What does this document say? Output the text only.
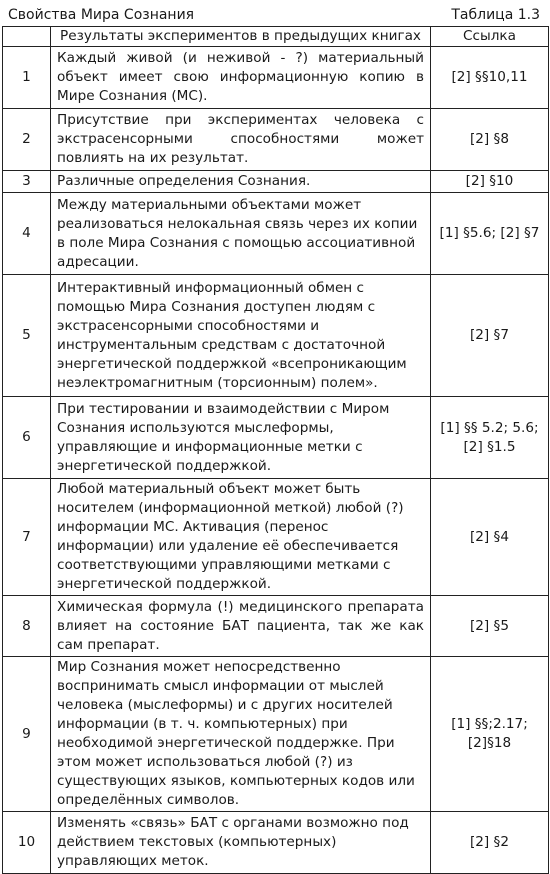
Свойства Мира Сознания	Таблица 1.3
	Результаты экспериментов в предыдущих книгах	Ссылка
1	Каждый живой (и неживой - ?) материальный объект имеет свою информационную копию в Мире Сознания (МС).	[2] §§10,11
2	Присутствие при экспериментах человека с экстрасенсорными способностями может повлиять на их результат.	[2] §8
3	Различные определения Сознания.	[2] §10
4	Между материальными объектами может реализоваться нелокальная связь через их копии в поле Мира Сознания с помощью ассоциативной адресации.	[1] §5.6; [2] §7
5	Интерактивный информационный обмен с помощью Мира Сознания доступен людям с экстрасенсорными способностями и инструментальным средствам с достаточной энергетической поддержкой «всепроникающим неэлектромагнитным (торсионным) полем».	[2] §7
6	При тестировании и взаимодействии с Миром Сознания используются мыслеформы, управляющие и информационные метки с энергетической поддержкой.	[1] §§ 5.2; 5.6; [2] §1.5
7	Любой материальный объект может быть носителем (информационной меткой) любой (?) информации МС. Активация (перенос информации) или удаление её обеспечивается соответствующими управляющими метками с энергетической поддержкой.	[2] §4
8	Химическая формула (!) медицинского препарата влияет на состояние БАТ пациента, так же как сам препарат.	[2] §5
9	Мир Сознания может непосредственно воспринимать смысл информации от мыслей человека (мыслеформы) и с других носителей информации (в т. ч. компьютерных) при необходимой энергетической поддержке. При этом может использоваться любой (?) из существующих языков, компьютерных кодов или определённых символов.	[1] §§;2.17; [2]§18
10	Изменять «связь» БАТ с органами возможно под действием текстовых (компьютерных) управляющих меток.	[2] §2
